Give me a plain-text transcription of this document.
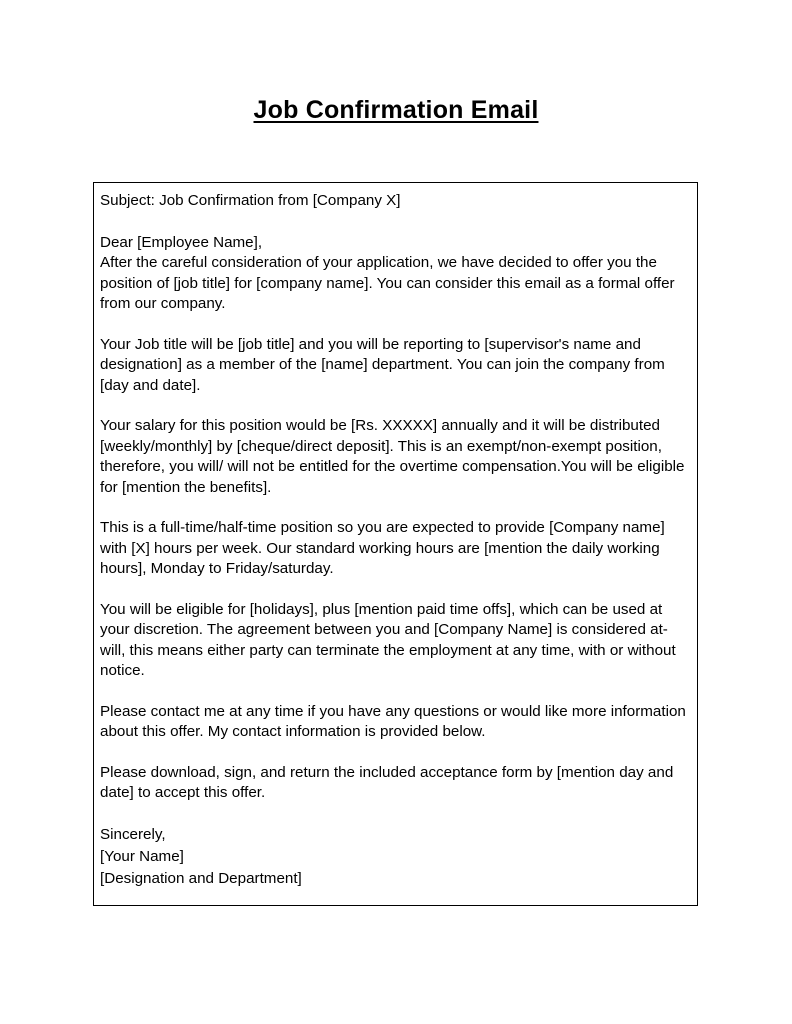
Job Confirmation Email

Subject: Job Confirmation from [Company X]

Dear [Employee Name],
After the careful consideration of your application, we have decided to offer you the position of [job title] for [company name]. You can consider this email as a formal offer from our company.

Your Job title will be [job title] and you will be reporting to [supervisor's name and designation] as a member of the [name] department. You can join the company from [day and date].

Your salary for this position would be [Rs. XXXXX] annually and it will be distributed [weekly/monthly] by [cheque/direct deposit]. This is an exempt/non-exempt position, therefore, you will/ will not be entitled for the overtime compensation.You will be eligible for [mention the benefits].

This is a full-time/half-time position so you are expected to provide [Company name] with [X] hours per week. Our standard working hours are [mention the daily working hours], Monday to Friday/saturday.

You will be eligible for [holidays], plus [mention paid time offs], which can be used at your discretion. The agreement between you and [Company Name] is considered at-will, this means either party can terminate the employment at any time, with or without notice.

Please contact me at any time if you have any questions or would like more information about this offer. My contact information is provided below.

Please download, sign, and return the included acceptance form by [mention day and date] to accept this offer.

Sincerely,

[Your Name]

[Designation and Department]
